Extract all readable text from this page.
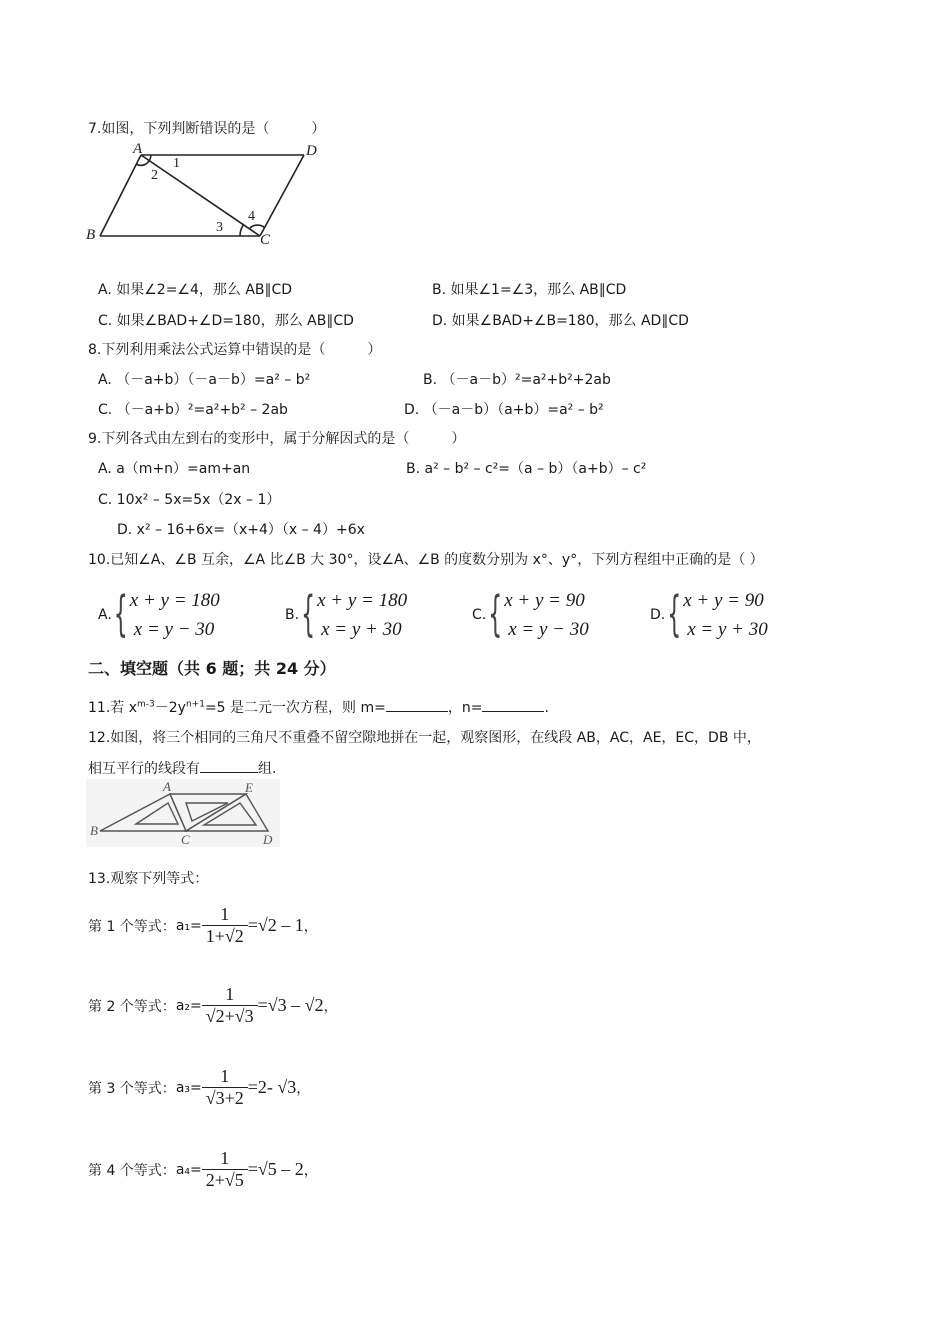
7.如图，下列判断错误的是（　　　）
A	D
B	C
1
2
3
4
A. 如果∠2=∠4，那么 AB∥CD	B. 如果∠1=∠3，那么 AB∥CD
C. 如果∠BAD+∠D=180，那么 AB∥CD	D. 如果∠BAD+∠B=180，那么 AD∥CD
8.下列利用乘法公式运算中错误的是（　　　）
A. （－a+b）（－a－b）=a² – b²	B. （－a－b）²=a²+b²+2ab
C. （－a+b）²=a²+b² – 2ab	D. （－a－b）（a+b）=a² – b²
9.下列各式由左到右的变形中，属于分解因式的是（　　　）
A. a（m+n）=am+an	B. a² – b² – c²=（a – b）（a+b）– c²
C. 10x² – 5x=5x（2x – 1）
D. x² – 16+6x=（x+4）（x – 4）+6x
10.已知∠A、∠B 互余，∠A 比∠B 大 30°，设∠A、∠B 的度数分别为 x°、y°，下列方程组中正确的是（ ）
A. { x + y = 180
x = y − 30
B. { x + y = 180
x = y + 30
C. { x + y = 90
x = y − 30
D. { x + y = 90
x = y + 30
二、填空题（共 6 题；共 24 分）
11.若 $x^{m-3}-2y^{n+1}=5$ 是二元一次方程，则 m=	，n=	.
12.如图，将三个相同的三角尺不重叠不留空隙地拼在一起，观察图形，在线段 AB，AC，AE，EC，DB 中，
相互平行的线段有	组.
A	E
B
C	D
13.观察下列等式：
第 1 个等式： $a_1= \frac{1}{1+√2} =√2 - 1$ ，
第 2 个等式： $a_2= \frac{1}{√2+√3} =√3 - √2$ ，
第 3 个等式： $a_3= \frac{1}{√3+2} =2-$ √3 ，
第 4 个等式： $a_4= \frac{1}{2+√5} =√5 - 2$ ，
